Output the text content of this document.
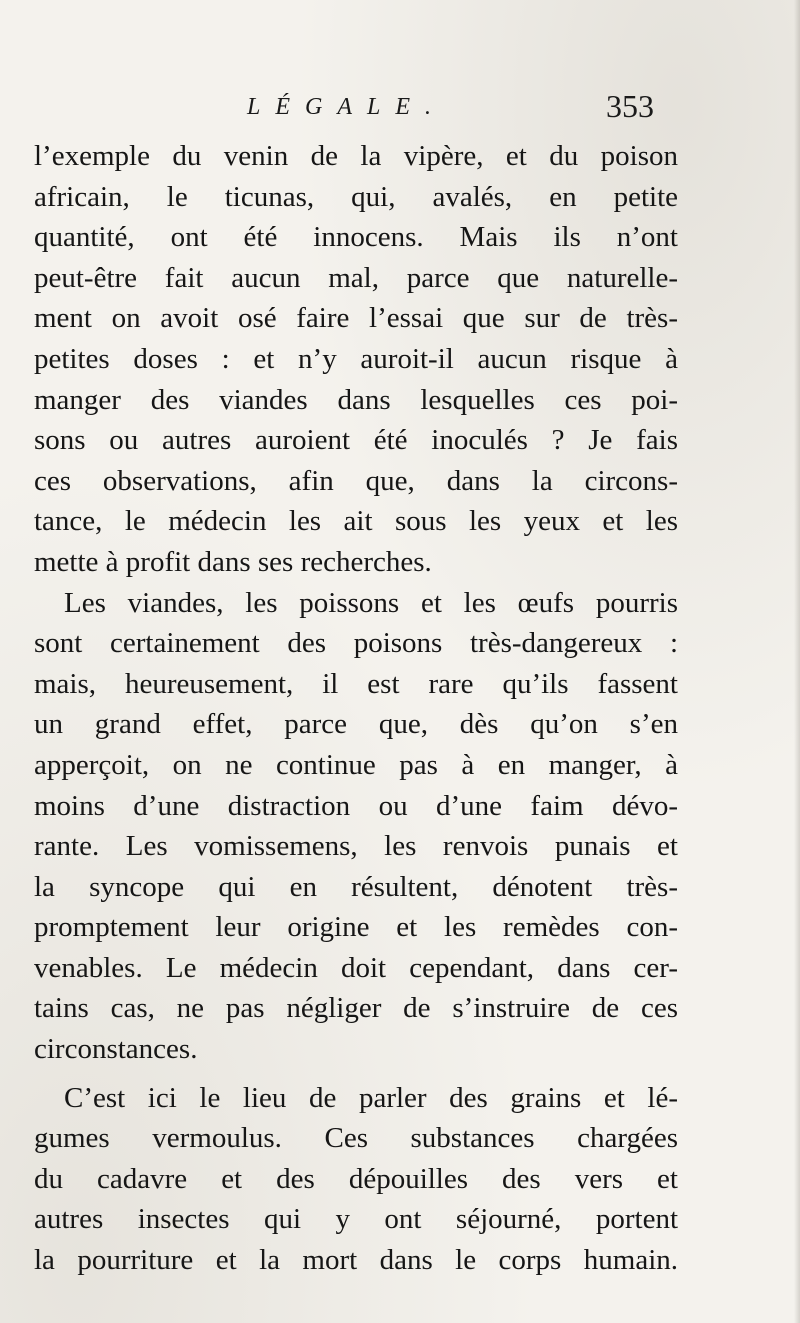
LÉGALE.	353
l’exemple du venin de la vipère, et du poison
africain, le ticunas, qui, avalés, en petite
quantité, ont été innocens. Mais ils n’ont
peut-être fait aucun mal, parce que naturelle-
ment on avoit osé faire l’essai que sur de très-
petites doses : et n’y auroit-il aucun risque à
manger des viandes dans lesquelles ces poi-
sons ou autres auroient été inoculés ? Je fais
ces observations, afin que, dans la circons-
tance, le médecin les ait sous les yeux et les
mette à profit dans ses recherches.
Les viandes, les poissons et les œufs pourris
sont certainement des poisons très-dangereux :
mais, heureusement, il est rare qu’ils fassent
un grand effet, parce que, dès qu’on s’en
apperçoit, on ne continue pas à en manger, à
moins d’une distraction ou d’une faim dévo-
rante. Les vomissemens, les renvois punais et
la syncope qui en résultent, dénotent très-
promptement leur origine et les remèdes con-
venables. Le médecin doit cependant, dans cer-
tains cas, ne pas négliger de s’instruire de ces
circonstances.
C’est ici le lieu de parler des grains et lé-
gumes vermoulus. Ces substances chargées
du cadavre et des dépouilles des vers et
autres insectes qui y ont séjourné, portent
la pourriture et la mort dans le corps humain.
